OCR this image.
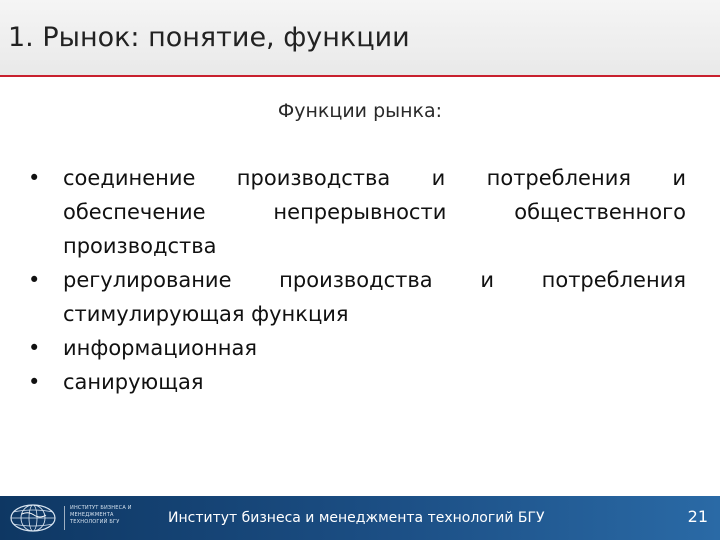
1. Рынок: понятие, функции
Функции рынка:
•	соединение производства и потребления и обеспечение непрерывности общественного производства
•	регулирование производства и потребления стимулирующая функция
•	информационная
•	санирующая
ИНСТИТУТ БИЗНЕСА И МЕНЕДЖМЕНТА ТЕХНОЛОГИЙ БГУ	Институт бизнеса и менеджмента технологий БГУ	21
